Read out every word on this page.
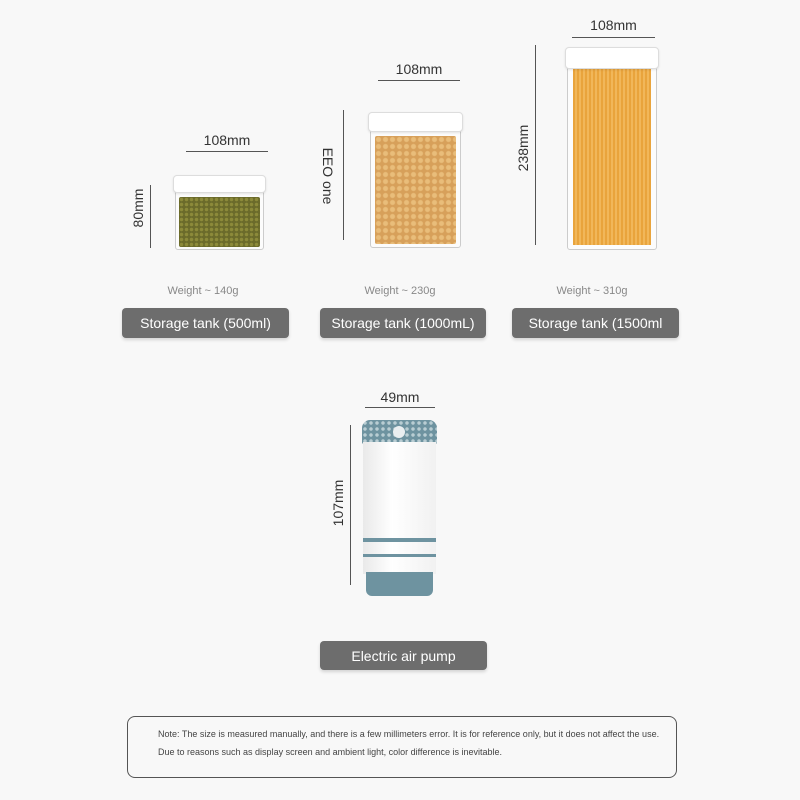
108mm
80mm
Weight ~ 140g
Storage tank (500ml)
108mm
EEO one
Weight ~ 230g
Storage tank (1000mL)
108mm
238mm
Weight ~ 310g
Storage tank (1500ml
49mm
107mm
Electric air pump
Note: The size is measured manually, and there is a few millimeters error. It is for reference only, but it does not affect the use. Due to reasons such as display screen and ambient light, color difference is inevitable.
